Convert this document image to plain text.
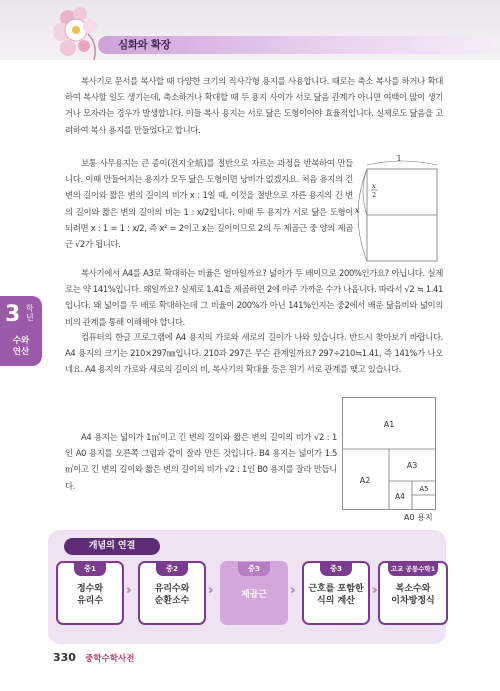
심화와 확장

복사기로 문서를 복사할 때 다양한 크기의 직사각형 용지를 사용합니다. 때로는 축소 복사를 하거나 확대하여 복사할 일도 생기는데, 축소하거나 확대할 때 두 용지 사이가 서로 닮음 관계가 아니면 여백이 많이 생기거나 모자라는 경우가 발생합니다. 이들 복사 용지는 서로 닮은 도형이어야 효율적입니다. 실제로도 닮음을 고려하여 복사 용지를 만들었다고 합니다.

보통 사무용지는 큰 종이(전지全紙)를 절반으로 자르는 과정을 반복하여 만듭니다. 이때 만들어지는 용지가 모두 닮은 도형이면 낭비가 없겠지요. 처음 용지의 긴 변의 길이와 짧은 변의 길이의 비가 x : 1일 때, 이것을 절반으로 자른 용지의 긴 변의 길이와 짧은 변의 길이의 비는 1 : x/2입니다. 이때 두 용지가 서로 닮은 도형이 되려면 x : 1 = 1 : x/2, 즉 x² = 2이고 x는 길이이므로 2의 두 제곱근 중 양의 제곱근 √2가 됩니다.

복사기에서 A4를 A3로 확대하는 비율은 얼마일까요? 넓이가 두 배이므로 200%인가요? 아닙니다. 실제로는 약 141%입니다. 왜일까요? 실제로 1.41을 제곱하면 2에 아주 가까운 수가 나옵니다. 따라서 √2 ≒ 1.41입니다. 왜 넓이를 두 배로 확대하는데 그 비율이 200%가 아닌 141%인지는 중2에서 배운 닮음비와 넓이의 비의 관계를 통해 이해해야 합니다.

컴퓨터의 한글 프로그램에 A4 용지의 가로와 세로의 길이가 나와 있습니다. 반드시 찾아보기 바랍니다. A4 용지의 크기는 210×297㎜입니다. 210과 297은 무슨 관계일까요? 297÷210≒1.41, 즉 141%가 나오네요. A4 용지의 가로와 세로의 길이의 비, 복사기의 확대율 등은 원기 서로 관계를 맺고 있습니다.

A4 용지는 넓이가 1㎡이고 긴 변의 길이와 짧은 변의 길이의 비가 √2 : 1인 A0 용지를 오른쪽 그림과 같이 잘라 만든 것입니다. B4 용지는 넓이가 1.5㎡이고 긴 변의 길이와 짧은 변의 길이의 비가 √2 : 1인 B0 용지를 잘라 만듭니다.

3 학
년
수와
연산
1
x
2
x
A1
A2
A3
A4
A5
A0 용지
개념의 연결
중1
정수와
유리수
중2
유리수와
순환소수
중3
제곱근
중3
근호를 포함한
식의 계산
고교 공통수학1
복소수와
이차방정식
330 중학수학사전
